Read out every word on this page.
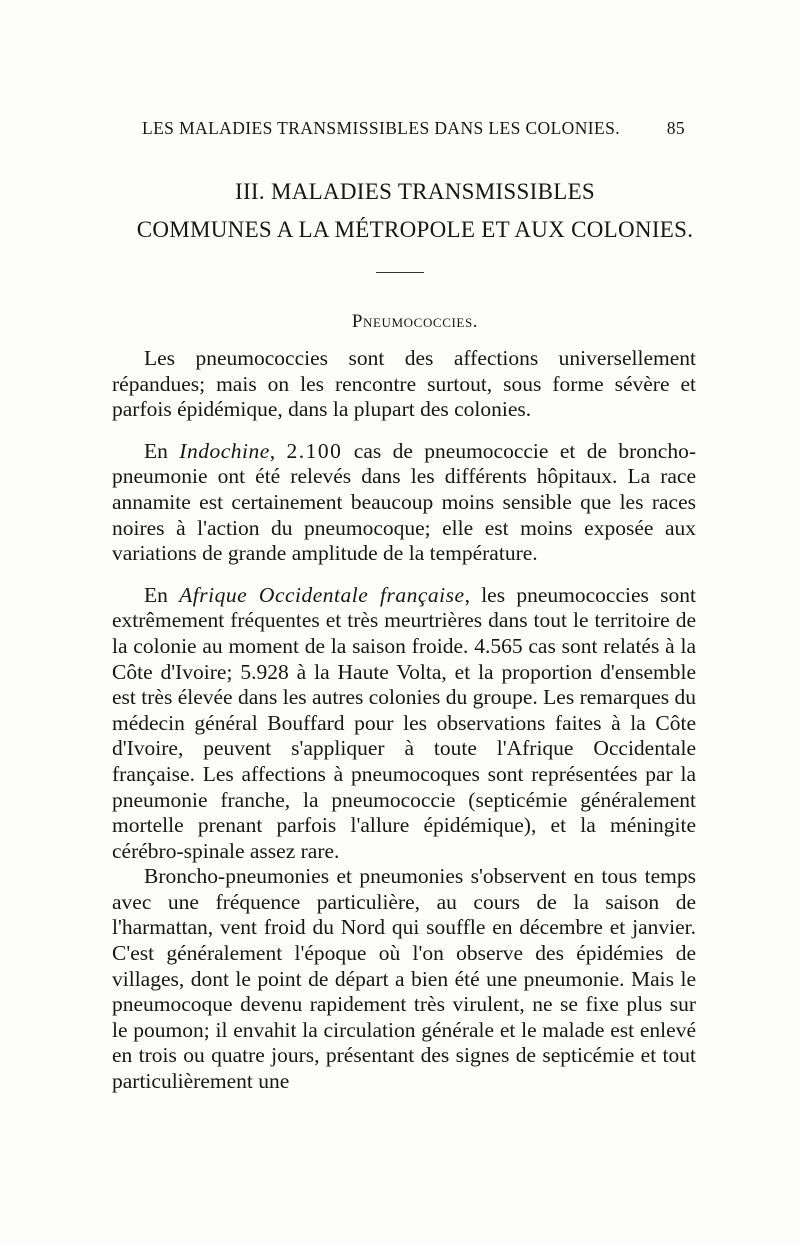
LES MALADIES TRANSMISSIBLES DANS LES COLONIES.	85
III. MALADIES TRANSMISSIBLES
COMMUNES A LA MÉTROPOLE ET AUX COLONIES.
Pneumococcies.

Les pneumococcies sont des affections universellement répandues; mais on les rencontre surtout, sous forme sévère et parfois épidémique, dans la plupart des colonies.

En Indochine, 2.100 cas de pneumococcie et de broncho-pneumonie ont été relevés dans les différents hôpitaux. La race annamite est certainement beaucoup moins sensible que les races noires à l'action du pneumocoque; elle est moins exposée aux variations de grande amplitude de la température.

En Afrique Occidentale française, les pneumococcies sont extrêmement fréquentes et très meurtrières dans tout le territoire de la colonie au moment de la saison froide. 4.565 cas sont relatés à la Côte d'Ivoire; 5.928 à la Haute Volta, et la proportion d'ensemble est très élevée dans les autres colonies du groupe. Les remarques du médecin général Bouffard pour les observations faites à la Côte d'Ivoire, peuvent s'appliquer à toute l'Afrique Occidentale française. Les affections à pneumocoques sont représentées par la pneumonie franche, la pneumococcie (septicémie généralement mortelle prenant parfois l'allure épidémique), et la méningite cérébro-spinale assez rare.

Broncho-pneumonies et pneumonies s'observent en tous temps avec une fréquence particulière, au cours de la saison de l'harmattan, vent froid du Nord qui souffle en décembre et janvier. C'est généralement l'époque où l'on observe des épidémies de villages, dont le point de départ a bien été une pneumonie. Mais le pneumocoque devenu rapidement très virulent, ne se fixe plus sur le poumon; il envahit la circulation générale et le malade est enlevé en trois ou quatre jours, présentant des signes de septicémie et tout particulièrement une
